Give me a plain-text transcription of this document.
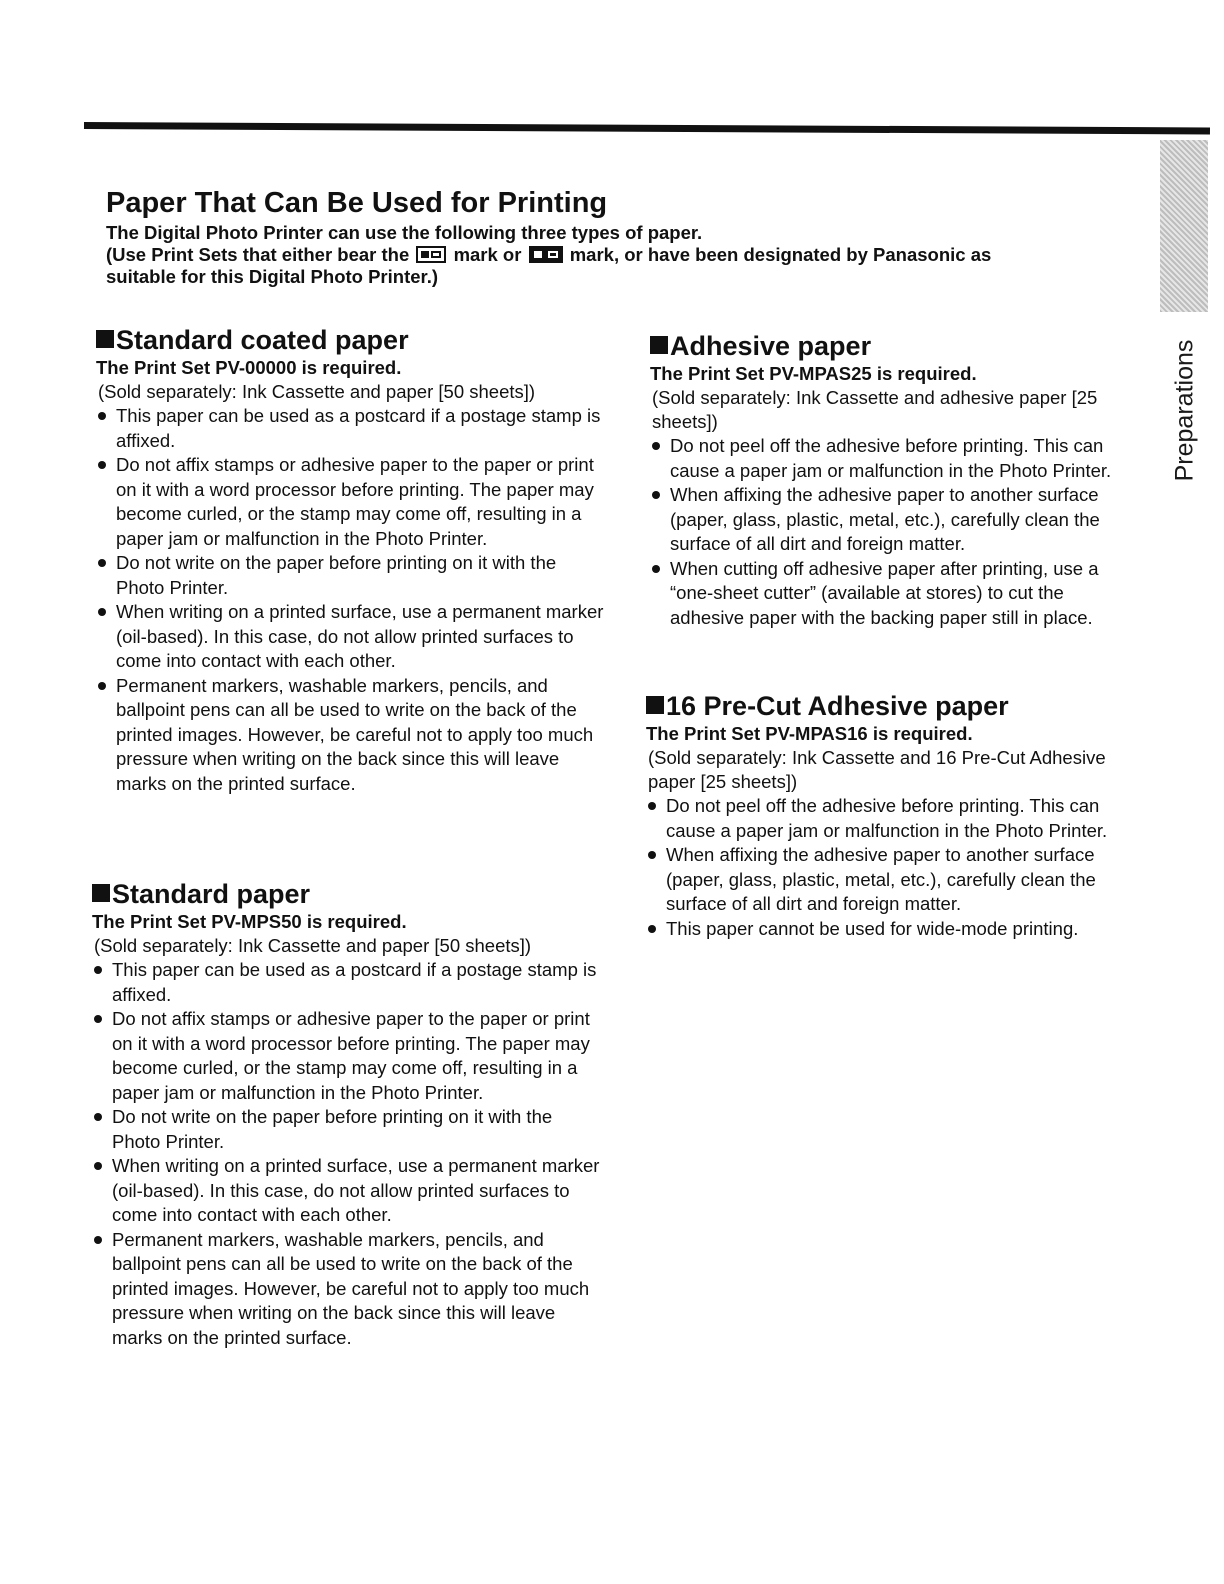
Preparations
Paper That Can Be Used for Printing

The Digital Photo Printer can use the following three types of paper.

(Use Print Sets that either bear the mark or	mark, or have been designated by Panasonic as

suitable for this Digital Photo Printer.)

Standard coated paper

The Print Set PV-00000 is required.

(Sold separately: Ink Cassette and paper [50 sheets])

This paper can be used as a postcard if a postage stamp is affixed.
Do not affix stamps or adhesive paper to the paper or print on it with a word processor before printing. The paper may become curled, or the stamp may come off, resulting in a paper jam or malfunction in the Photo Printer.
Do not write on the paper before printing on it with the Photo Printer.
When writing on a printed surface, use a permanent marker (oil-based). In this case, do not allow printed surfaces to come into contact with each other.
Permanent markers, washable markers, pencils, and ballpoint pens can all be used to write on the back of the printed images. However, be careful not to apply too much pressure when writing on the back since this will leave marks on the printed surface.
Standard paper

The Print Set PV-MPS50 is required.

(Sold separately: Ink Cassette and paper [50 sheets])

This paper can be used as a postcard if a postage stamp is affixed.
Do not affix stamps or adhesive paper to the paper or print on it with a word processor before printing. The paper may become curled, or the stamp may come off, resulting in a paper jam or malfunction in the Photo Printer.
Do not write on the paper before printing on it with the Photo Printer.
When writing on a printed surface, use a permanent marker (oil-based). In this case, do not allow printed surfaces to come into contact with each other.
Permanent markers, washable markers, pencils, and ballpoint pens can all be used to write on the back of the printed images. However, be careful not to apply too much pressure when writing on the back since this will leave marks on the printed surface.
Adhesive paper

The Print Set PV-MPAS25 is required.

(Sold separately: Ink Cassette and adhesive paper [25 sheets])

Do not peel off the adhesive before printing. This can cause a paper jam or malfunction in the Photo Printer.
When affixing the adhesive paper to another surface (paper, glass, plastic, metal, etc.), carefully clean the surface of all dirt and foreign matter.
When cutting off adhesive paper after printing, use a “one-sheet cutter” (available at stores) to cut the adhesive paper with the backing paper still in place.
16 Pre-Cut Adhesive paper

The Print Set PV-MPAS16 is required.

(Sold separately: Ink Cassette and 16 Pre-Cut Adhesive paper [25 sheets])

Do not peel off the adhesive before printing. This can cause a paper jam or malfunction in the Photo Printer.
When affixing the adhesive paper to another surface (paper, glass, plastic, metal, etc.), carefully clean the surface of all dirt and foreign matter.
This paper cannot be used for wide-mode printing.
